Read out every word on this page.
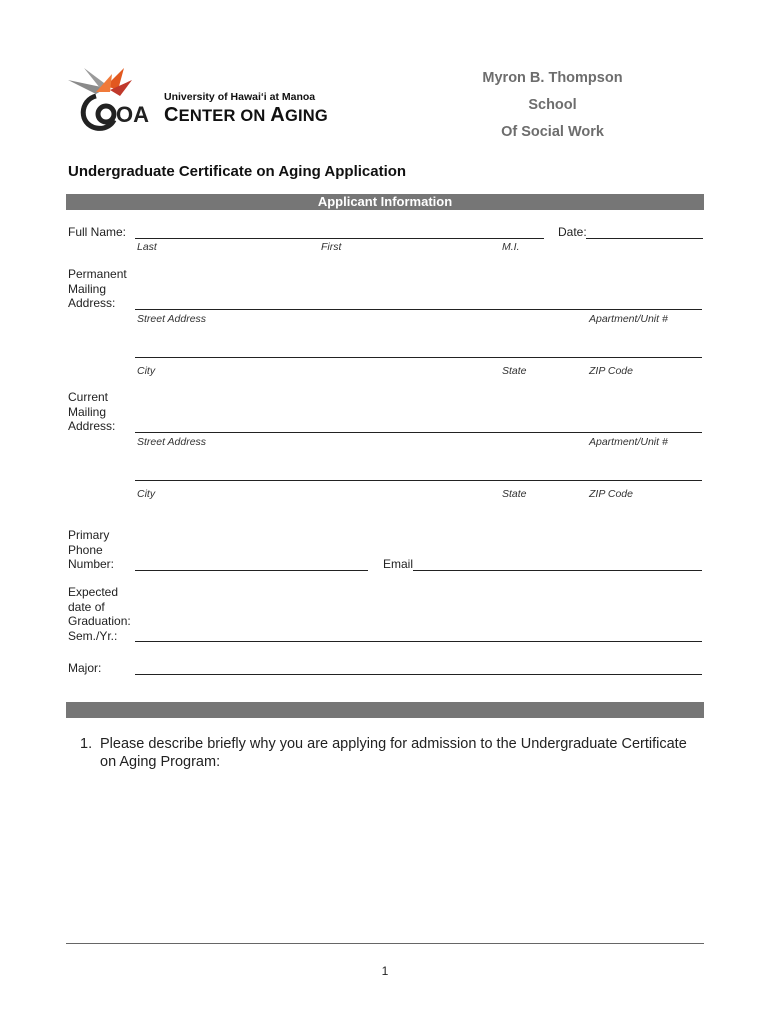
OA
University of Hawai‘i at Manoa
CENTER ON AGING
Myron B. Thompson
School
Of Social Work
Undergraduate Certificate on Aging Application
Applicant Information
Full Name:
Last	First	M.I.
Date:
Permanent
Mailing
Address:
Street Address	Apartment/Unit #
City	State	ZIP Code
Current
Mailing
Address:
Street Address	Apartment/Unit #
City	State	ZIP Code
Primary
Phone
Number:	Email
Expected
date of
Graduation:
Sem./Yr.:
Major:
1. Please describe briefly why you are applying for admission to the Undergraduate Certificate on Aging Program:
1
